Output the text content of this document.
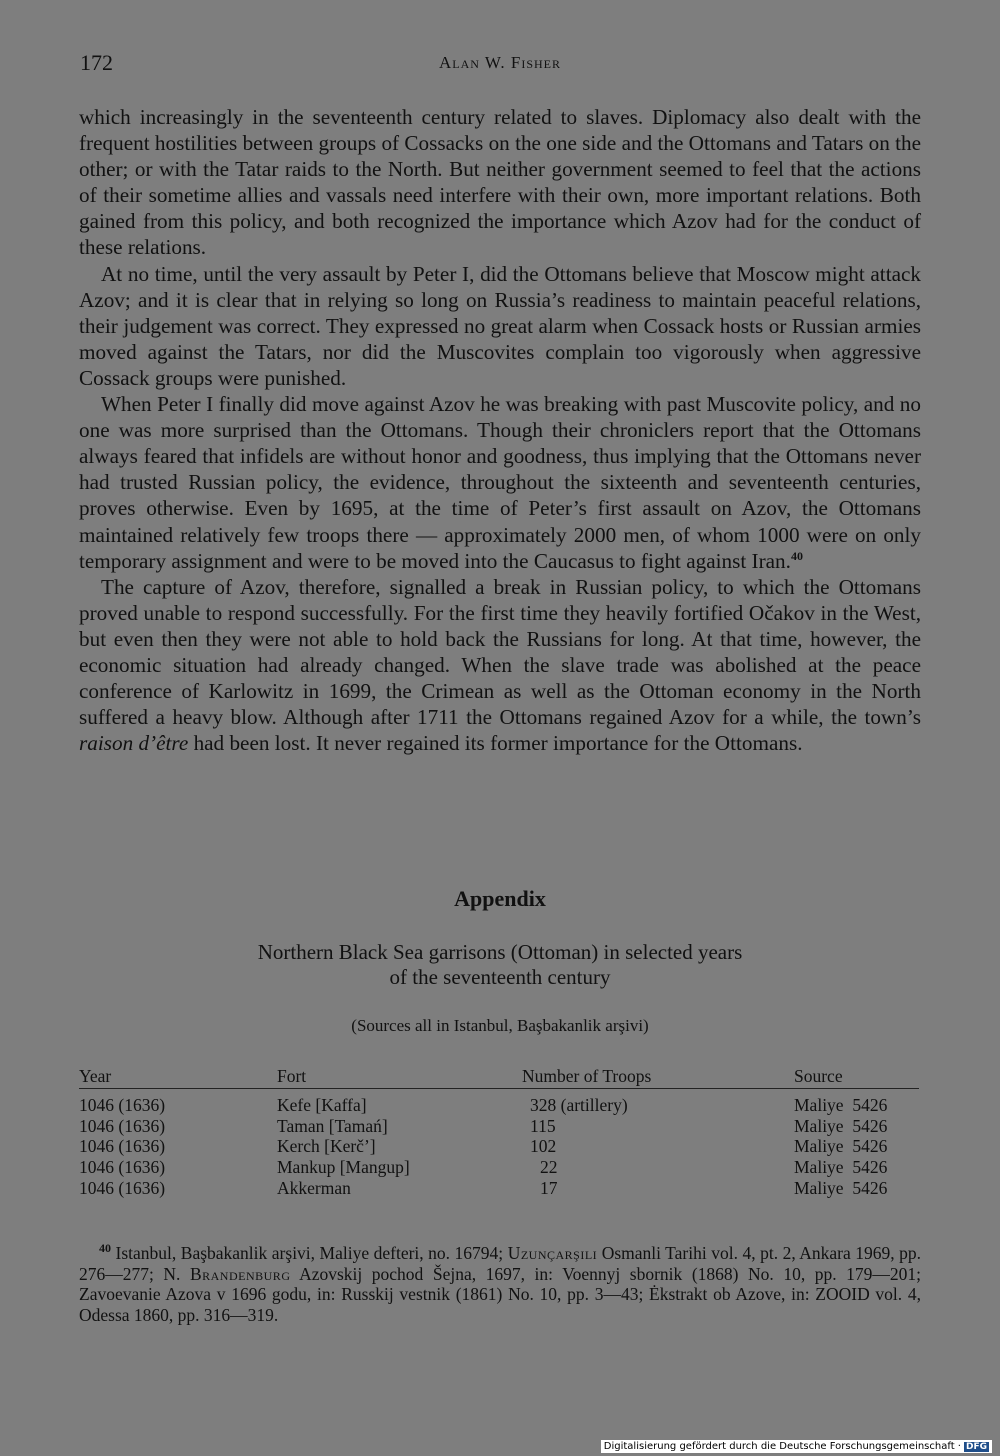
172	Alan W. Fisher

which increasingly in the seventeenth century related to slaves. Diplomacy also dealt with the frequent hostilities between groups of Cossacks on the one side and the Ottomans and Tatars on the other; or with the Tatar raids to the North. But neither government seemed to feel that the actions of their sometime allies and vassals need interfere with their own, more important relations. Both gained from this policy, and both recognized the importance which Azov had for the conduct of these relations.

At no time, until the very assault by Peter I, did the Ottomans believe that Moscow might attack Azov; and it is clear that in relying so long on Russia’s readiness to maintain peaceful relations, their judgement was correct. They expressed no great alarm when Cossack hosts or Russian armies moved against the Tatars, nor did the Muscovites complain too vigorously when aggressive Cossack groups were punished.

When Peter I finally did move against Azov he was breaking with past Muscovite policy, and no one was more surprised than the Ottomans. Though their chroniclers report that the Ottomans always feared that infidels are without honor and goodness, thus implying that the Ottomans never had trusted Russian policy, the evidence, throughout the sixteenth and seventeenth centuries, proves otherwise. Even by 1695, at the time of Peter’s first assault on Azov, the Ottomans maintained relatively few troops there — approximately 2000 men, of whom 1000 were on only temporary assignment and were to be moved into the Caucasus to fight against Iran.$^{40}$

The capture of Azov, therefore, signalled a break in Russian policy, to which the Ottomans proved unable to respond successfully. For the first time they heavily fortified Očakov in the West, but even then they were not able to hold back the Russians for long. At that time, however, the economic situation had already changed. When the slave trade was abolished at the peace conference of Karlowitz in 1699, the Crimean as well as the Ottoman economy in the North suffered a heavy blow. Although after 1711 the Ottomans regained Azov for a while, the town’s raison d’être had been lost. It never regained its former importance for the Ottomans.

Appendix
Northern Black Sea garrisons (Ottoman) in selected years
of the seventeenth century
(Sources all in Istanbul, Başbakanlik arşivi)
Year	Fort	Number of Troops	Source
1046 (1636)	Kefe [Kaffa]	328 (artillery)	Maliye  5426
1046 (1636)	Taman [Tamań]	115	Maliye  5426
1046 (1636)	Kerch [Kerč’]	102	Maliye  5426
1046 (1636)	Mankup [Mangup]	22	Maliye  5426
1046 (1636)	Akkerman	17	Maliye  5426
$^{40}$ Istanbul, Başbakanlik arşivi, Maliye defteri, no. 16794; Uzunçarşili Osmanli Tarihi vol. 4, pt. 2, Ankara 1969, pp. 276—277; N. Brandenburg Azovskij pochod Šejna, 1697, in: Voennyj sbornik (1868) No. 10, pp. 179—201; Zavoevanie Azova v 1696 godu, in: Russkij vestnik (1861) No. 10, pp. 3—43; Ėkstrakt ob Azove, in: ZOOID vol. 4, Odessa 1860, pp. 316—319.
Digitalisierung gefördert durch die Deutsche Forschungsgemeinschaft · DFG
